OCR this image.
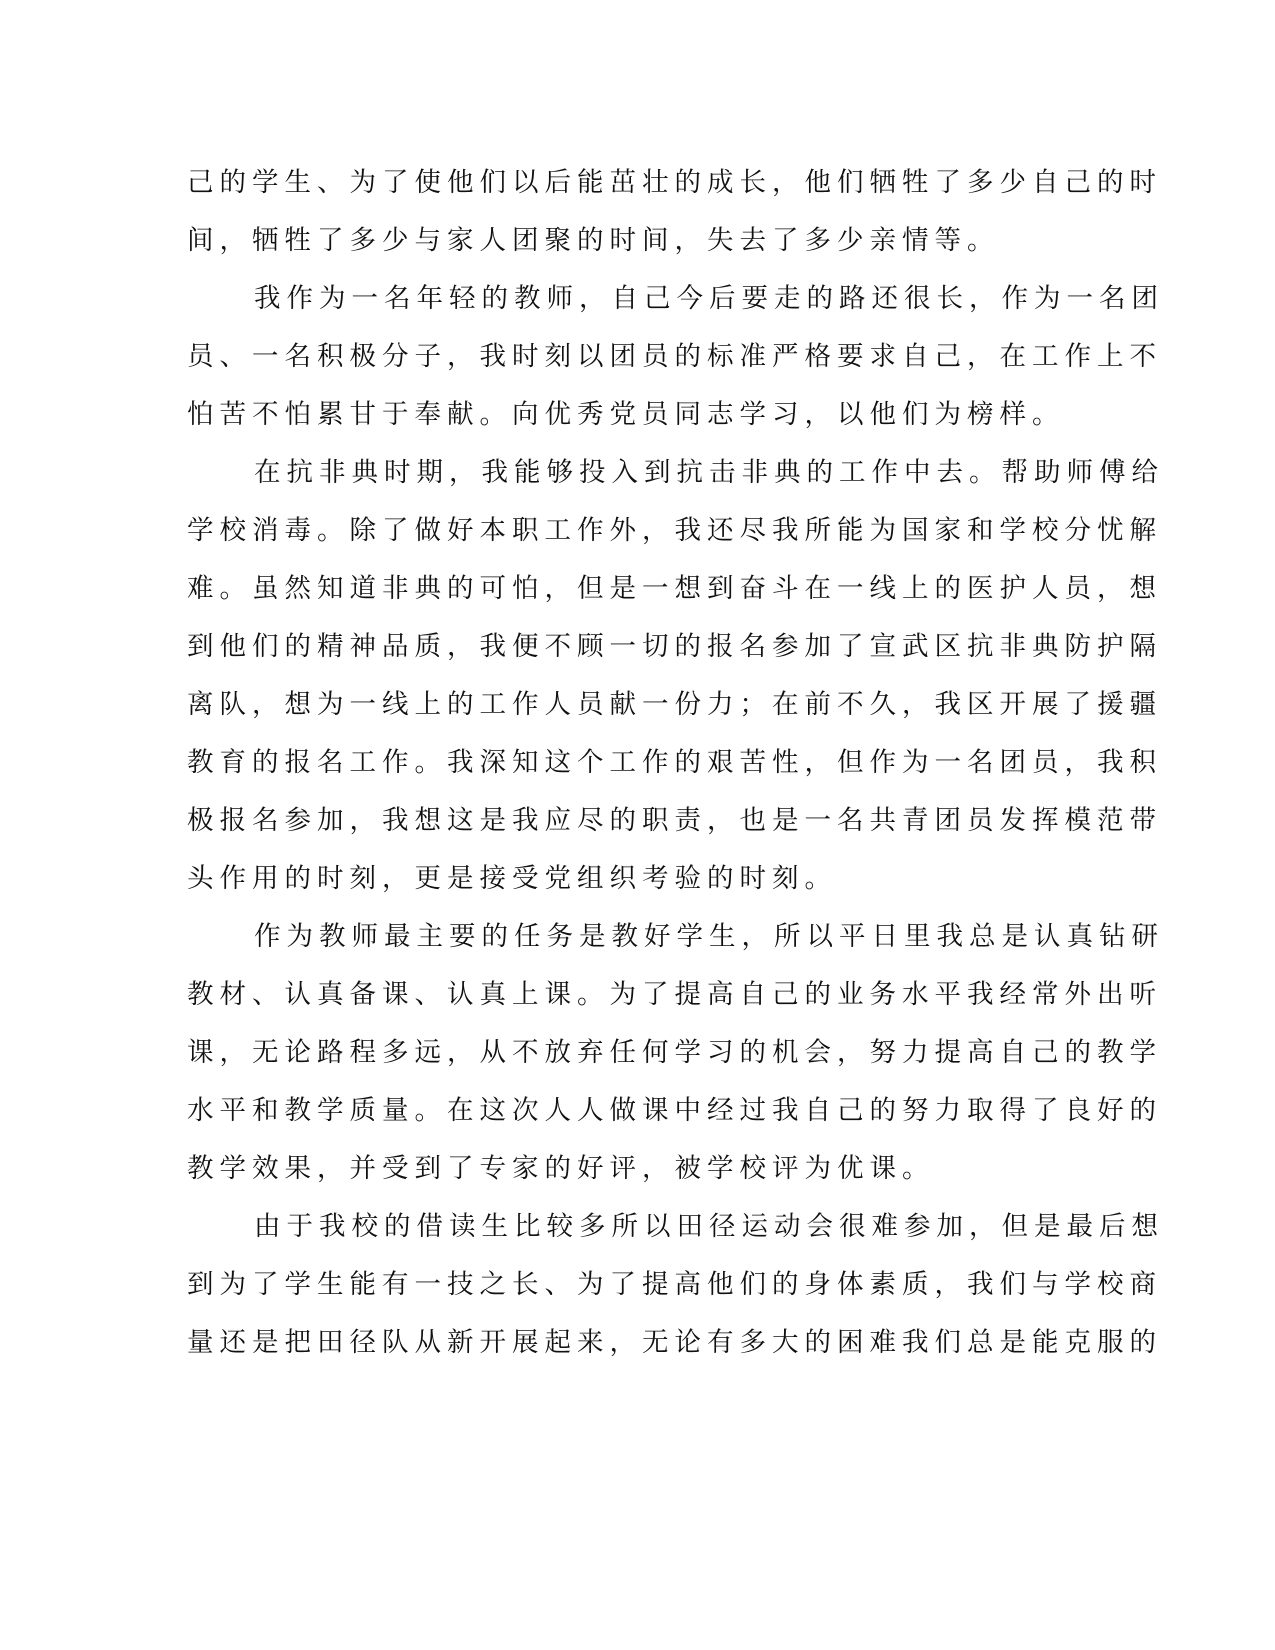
己的学生、为了使他们以后能茁壮的成长，他们牺牲了多少自己的时
间，牺牲了多少与家人团聚的时间，失去了多少亲情等。
我作为一名年轻的教师，自己今后要走的路还很长，作为一名团
员、一名积极分子，我时刻以团员的标准严格要求自己，在工作上不
怕苦不怕累甘于奉献。向优秀党员同志学习，以他们为榜样。
在抗非典时期，我能够投入到抗击非典的工作中去。帮助师傅给
学校消毒。除了做好本职工作外，我还尽我所能为国家和学校分忧解
难。虽然知道非典的可怕，但是一想到奋斗在一线上的医护人员，想
到他们的精神品质，我便不顾一切的报名参加了宣武区抗非典防护隔
离队，想为一线上的工作人员献一份力；在前不久，我区开展了援疆
教育的报名工作。我深知这个工作的艰苦性，但作为一名团员，我积
极报名参加，我想这是我应尽的职责，也是一名共青团员发挥模范带
头作用的时刻，更是接受党组织考验的时刻。
作为教师最主要的任务是教好学生，所以平日里我总是认真钻研
教材、认真备课、认真上课。为了提高自己的业务水平我经常外出听
课，无论路程多远，从不放弃任何学习的机会，努力提高自己的教学
水平和教学质量。在这次人人做课中经过我自己的努力取得了良好的
教学效果，并受到了专家的好评，被学校评为优课。
由于我校的借读生比较多所以田径运动会很难参加，但是最后想
到为了学生能有一技之长、为了提高他们的身体素质，我们与学校商
量还是把田径队从新开展起来，无论有多大的困难我们总是能克服的
